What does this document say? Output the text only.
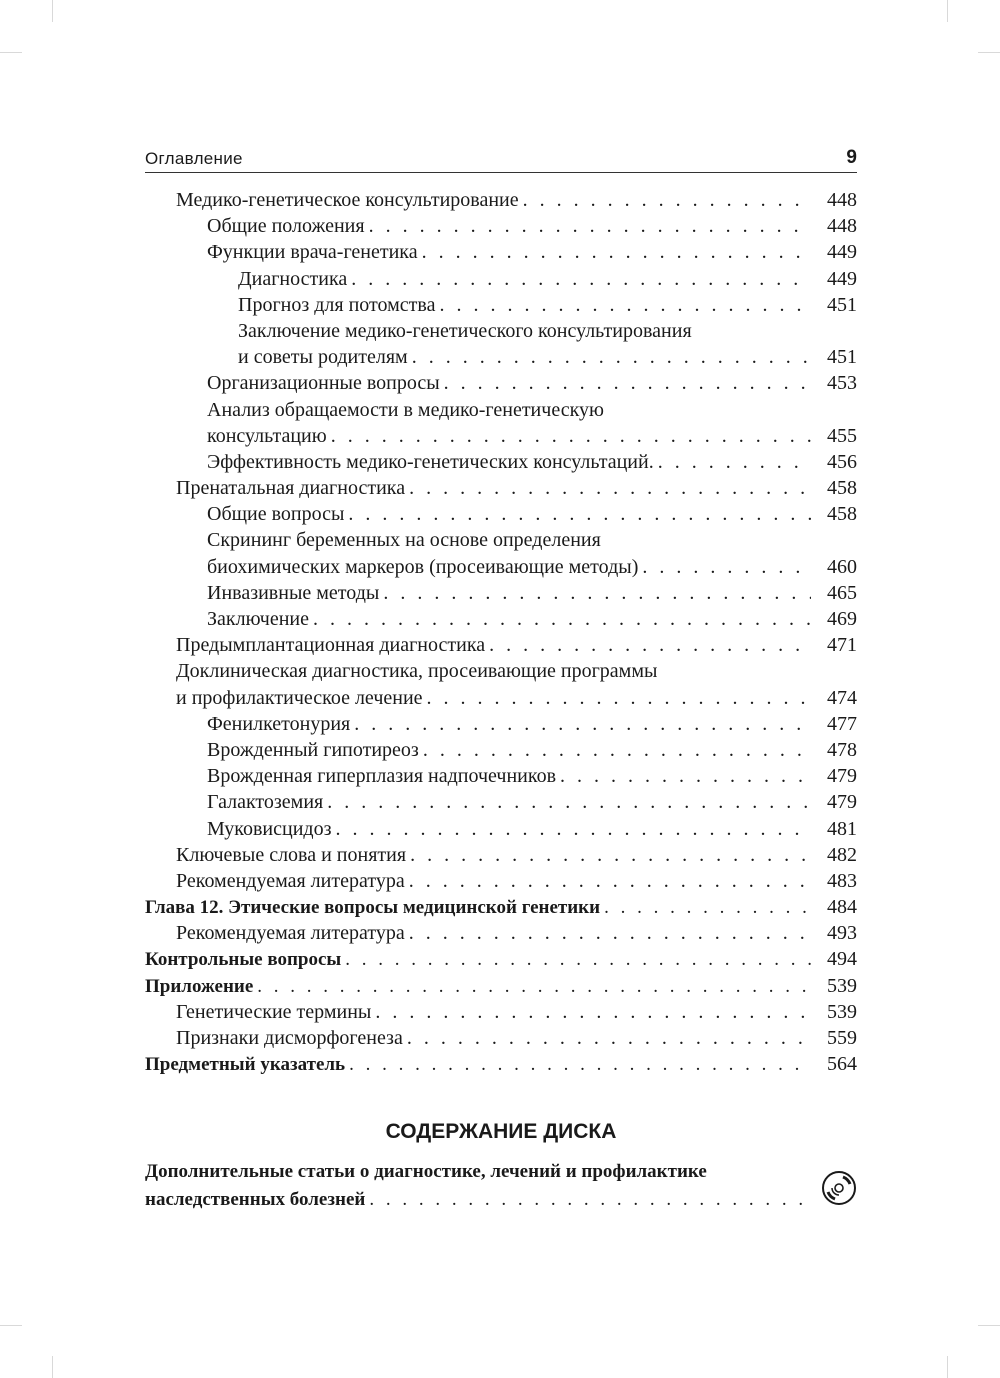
Оглавление	9
Медико-генетическое консультирование . . .	448
Общие положения . . .	448
Функции врача-генетика . . .	449
Диагностика . . .	449
Прогноз для потомства . . .	451
Заключение медико-генетического консультирования
и советы родителям . . .	451
Организационные вопросы . . .	453
Анализ обращаемости в медико-генетическую
консультацию . . .	455
Эффективность медико-генетических консультаций. . . .	456
Пренатальная диагностика . . .	458
Общие вопросы . . .	458
Скрининг беременных на основе определения
биохимических маркеров (просеивающие методы) . . .	460
Инвазивные методы . . .	465
Заключение . . .	469
Предымплантационная диагностика . . .	471
Доклиническая диагностика, просеивающие программы
и профилактическое лечение . . .	474
Фенилкетонурия . . .	477
Врожденный гипотиреоз . . .	478
Врожденная гиперплазия надпочечников . . .	479
Галактоземия . . .	479
Муковисцидоз . . .	481
Ключевые слова и понятия . . .	482
Рекомендуемая литература . . .	483
Глава 12. Этические вопросы медицинской генетики . . .	484
Рекомендуемая литература . . .	493
Контрольные вопросы . . .	494
Приложение . . .	539
Генетические термины . . .	539
Признаки дисморфогенеза . . .	559
Предметный указатель . . .	564
СОДЕРЖАНИЕ ДИСКА
Дополнительные статьи о диагностике, лечений и профилактике
наследственных болезней
. . .
